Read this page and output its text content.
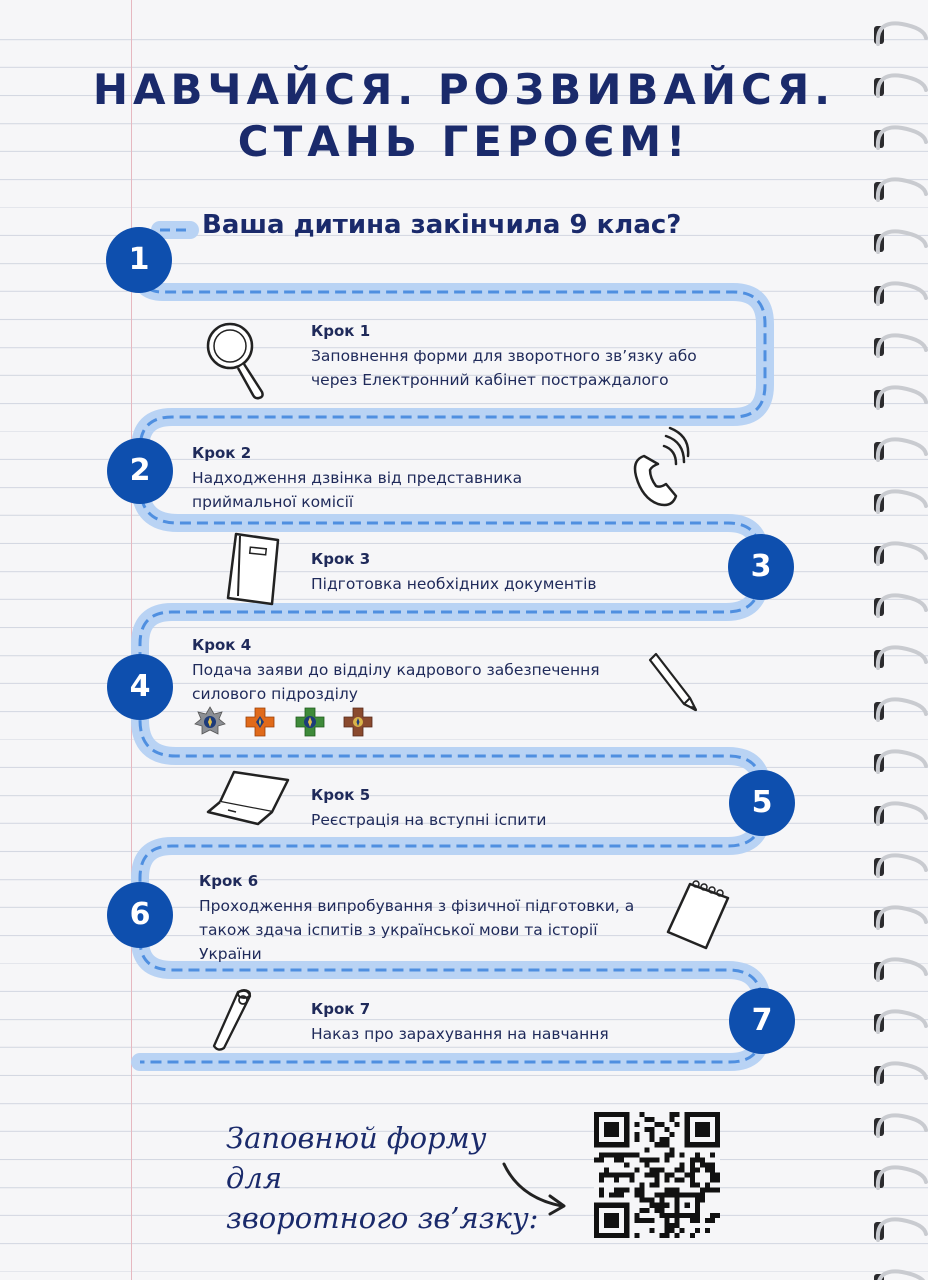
НАВЧАЙСЯ. РОЗВИВАЙСЯ.
СТАНЬ ГЕРОЄМ!
Ваша дитина закінчила 9 клас?
1
2
3
4
5
6
7
Крок 1
Заповнення форми для зворотного зв’язку або через Електронний кабінет постраждалого
Крок 2
Надходження дзвінка від представника приймальної комісії
Крок 3
Підготовка необхідних документів
Крок 4
Подача заяви до відділу кадрового забезпечення силового підрозділу
Крок 5
Реєстрація на вступні іспити
Крок 6
Проходження випробування з фізичної підготовки, а також здача іспитів з української мови та історії України
Крок 7
Наказ про зарахування на навчання
Заповнюй форму для
зворотного зв’язку:
